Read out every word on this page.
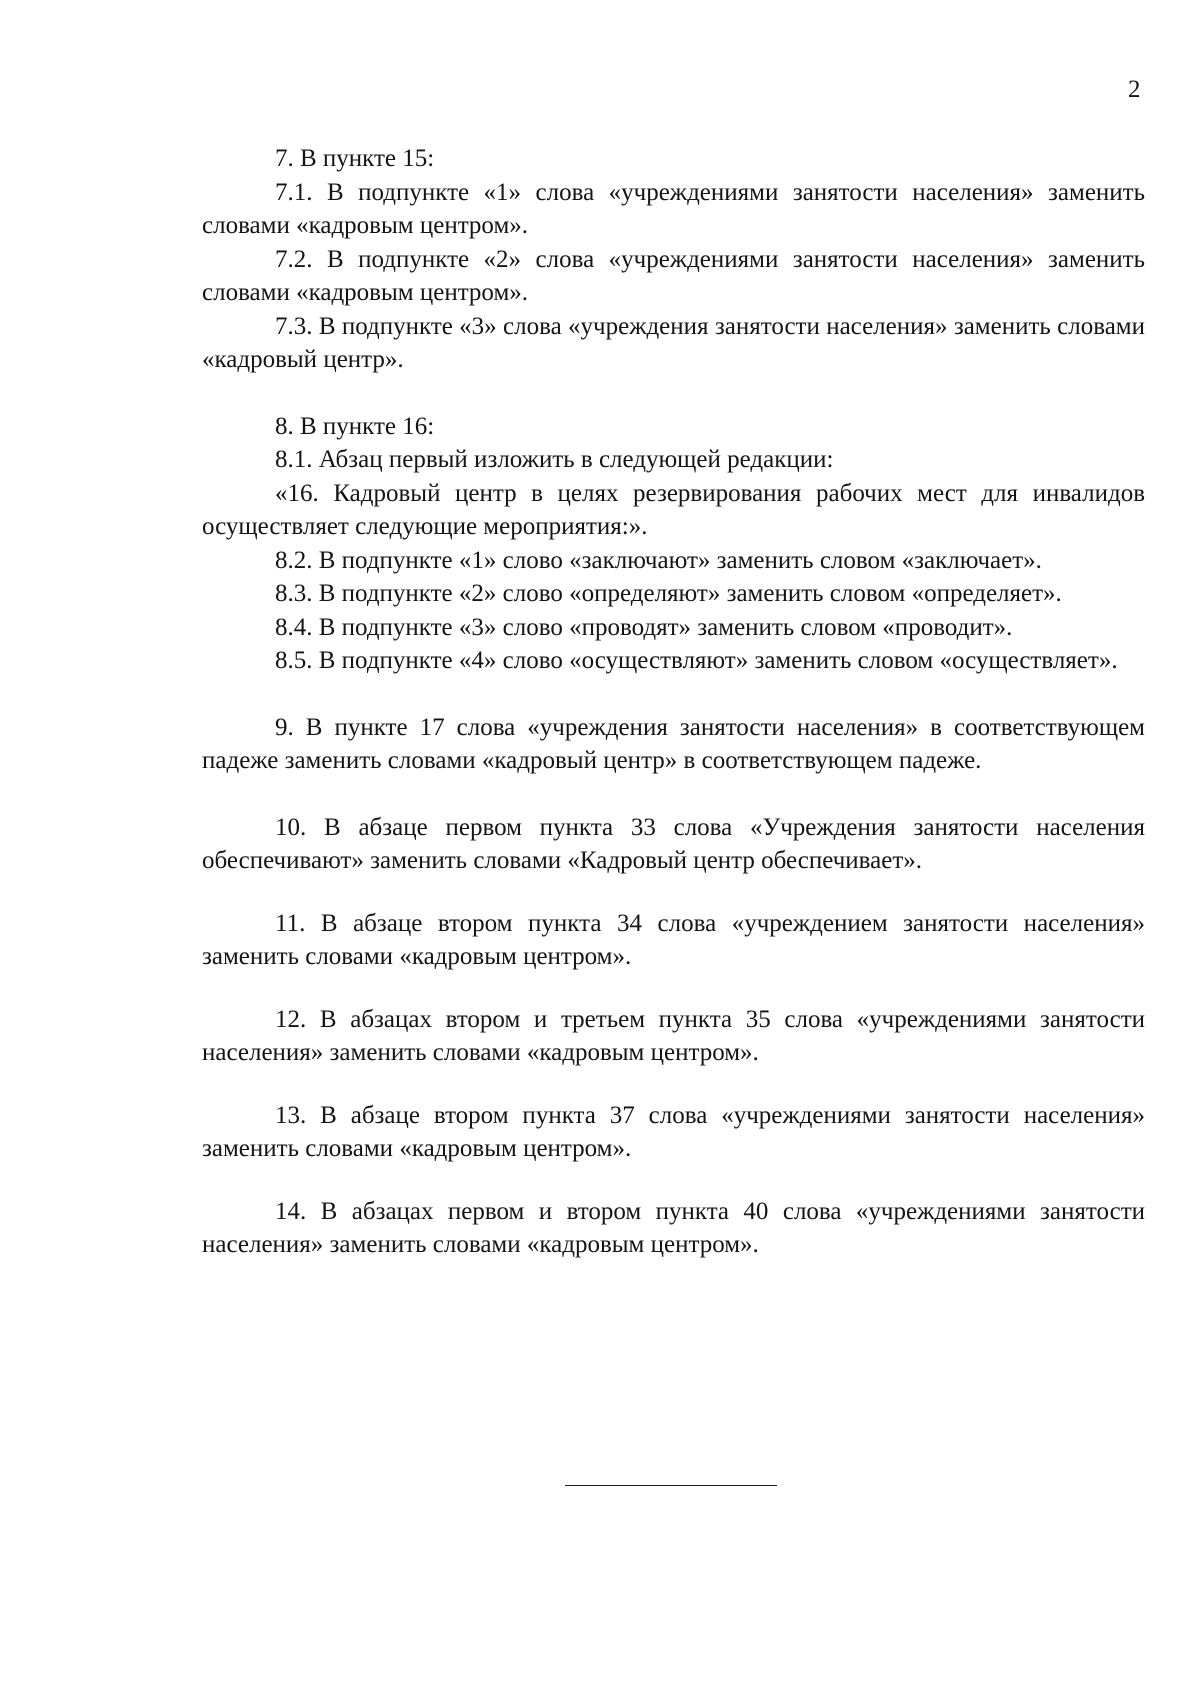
2

7. В пункте 15:

7.1. В подпункте «1» слова «учреждениями занятости населения» заменить словами «кадровым центром».

7.2. В подпункте «2» слова «учреждениями занятости населения» заменить словами «кадровым центром».

7.3. В подпункте «3» слова «учреждения занятости населения» заменить словами «кадровый центр».

8. В пункте 16:

8.1. Абзац первый изложить в следующей редакции:

«16. Кадровый центр в целях резервирования рабочих мест для инвалидов осуществляет следующие мероприятия:».

8.2. В подпункте «1» слово «заключают» заменить словом «заключает».

8.3. В подпункте «2» слово «определяют» заменить словом «определяет».

8.4. В подпункте «3» слово «проводят» заменить словом «проводит».

8.5. В подпункте «4» слово «осуществляют» заменить словом «осуществляет».

9. В пункте 17 слова «учреждения занятости населения» в соответствующем падеже заменить словами «кадровый центр» в соответствующем падеже.

10. В абзаце первом пункта 33 слова «Учреждения занятости населения обеспечивают» заменить словами «Кадровый центр обеспечивает».

11. В абзаце втором пункта 34 слова «учреждением занятости населения» заменить словами «кадровым центром».

12. В абзацах втором и третьем пункта 35 слова «учреждениями занятости населения» заменить словами «кадровым центром».

13. В абзаце втором пункта 37 слова «учреждениями занятости населения» заменить словами «кадровым центром».

14. В абзацах первом и втором пункта 40 слова «учреждениями занятости населения» заменить словами «кадровым центром».
